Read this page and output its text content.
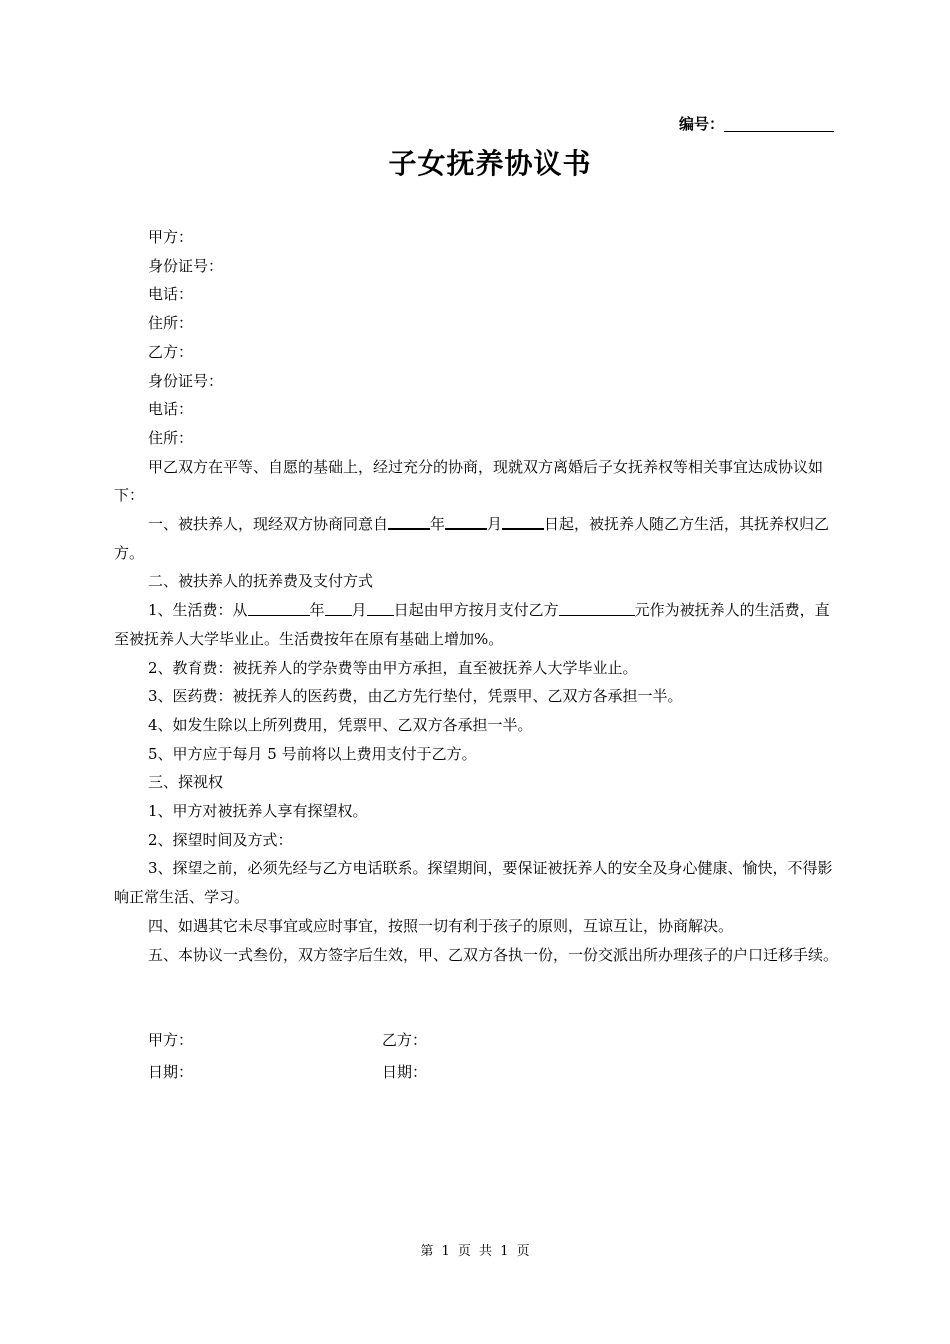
编号：
子女抚养协议书

甲方：

身份证号：

电话：

住所：

乙方：

身份证号：

电话：

住所：

甲乙双方在平等、自愿的基础上，经过充分的协商，现就双方离婚后子女抚养权等相关事宜达成协议如下：

一、被扶养人，现经双方协商同意自	年	月	日起，被抚养人随乙方生活，其抚养权归乙方。

二、被扶养人的抚养费及支付方式

1、生活费：从	年 月 日起由甲方按月支付乙方	元作为被抚养人的生活费，直至被抚养人大学毕业止。生活费按年在原有基础上增加%。

2、教育费：被抚养人的学杂费等由甲方承担，直至被抚养人大学毕业止。

3、医药费：被抚养人的医药费，由乙方先行垫付，凭票甲、乙双方各承担一半。

4、如发生除以上所列费用，凭票甲、乙双方各承担一半。

5、甲方应于每月 5 号前将以上费用支付于乙方。

三、探视权

1、甲方对被抚养人享有探望权。

2、探望时间及方式：

3、探望之前，必须先经与乙方电话联系。探望期间，要保证被抚养人的安全及身心健康、愉快，不得影响正常生活、学习。

四、如遇其它未尽事宜或应时事宜，按照一切有利于孩子的原则，互谅互让，协商解决。

五、本协议一式叁份，双方签字后生效，甲、乙双方各执一份，一份交派出所办理孩子的户口迁移手续。

甲方：	乙方：
日期：	日期：
第 1 页 共 1 页
